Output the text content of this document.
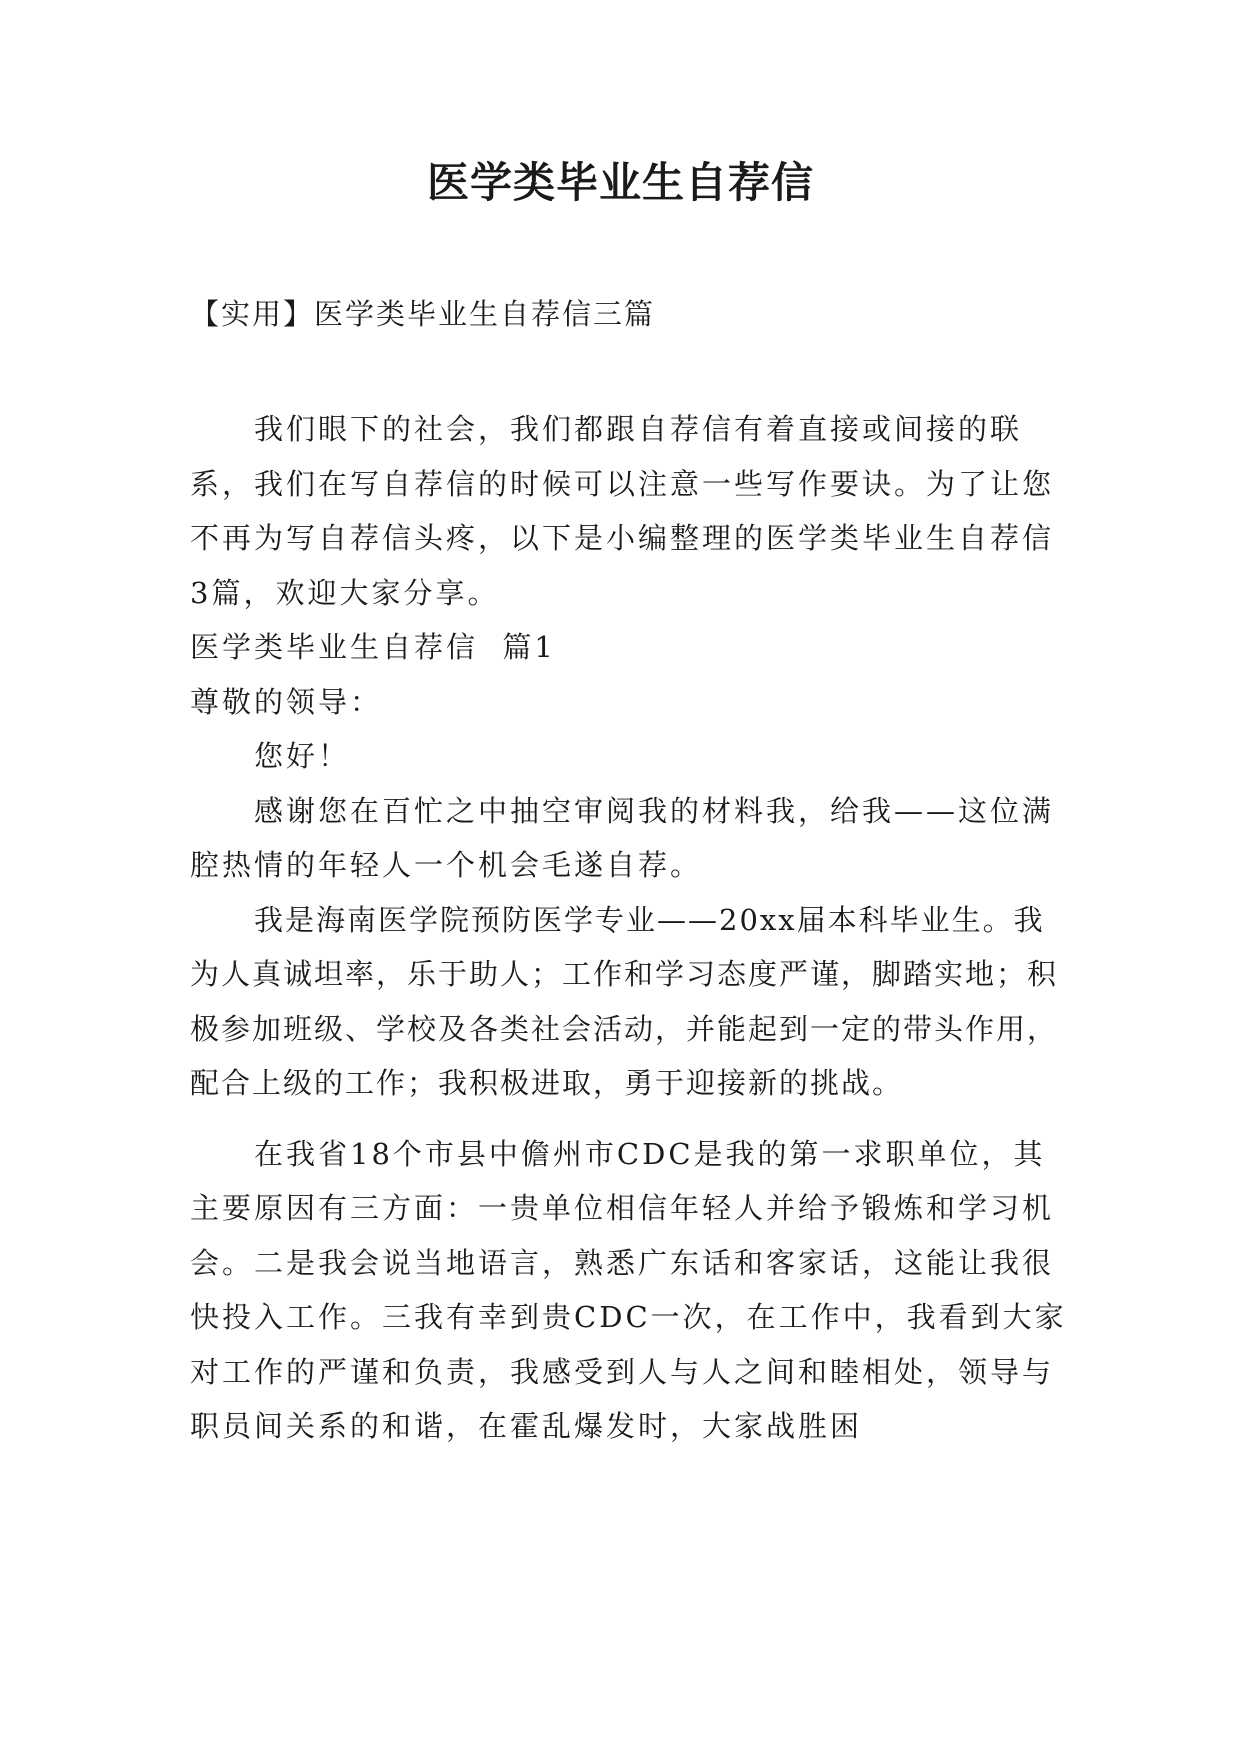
医学类毕业生自荐信

【实用】医学类毕业生自荐信三篇

我们眼下的社会，我们都跟自荐信有着直接或间接的联系，我们在写自荐信的时候可以注意一些写作要诀。为了让您不再为写自荐信头疼，以下是小编整理的医学类毕业生自荐信3篇，欢迎大家分享。

医学类毕业生自荐信  篇1

尊敬的领导：

您好！

感谢您在百忙之中抽空审阅我的材料我，给我——这位满腔热情的年轻人一个机会毛遂自荐。

我是海南医学院预防医学专业——20xx届本科毕业生。我为人真诚坦率，乐于助人；工作和学习态度严谨，脚踏实地；积极参加班级、学校及各类社会活动，并能起到一定的带头作用，配合上级的工作；我积极进取，勇于迎接新的挑战。

在我省18个市县中儋州市CDC是我的第一求职单位，其主要原因有三方面：一贵单位相信年轻人并给予锻炼和学习机会。二是我会说当地语言，熟悉广东话和客家话，这能让我很快投入工作。三我有幸到贵CDC一次，在工作中，我看到大家对工作的严谨和负责，我感受到人与人之间和睦相处，领导与职员间关系的和谐，在霍乱爆发时，大家战胜困
